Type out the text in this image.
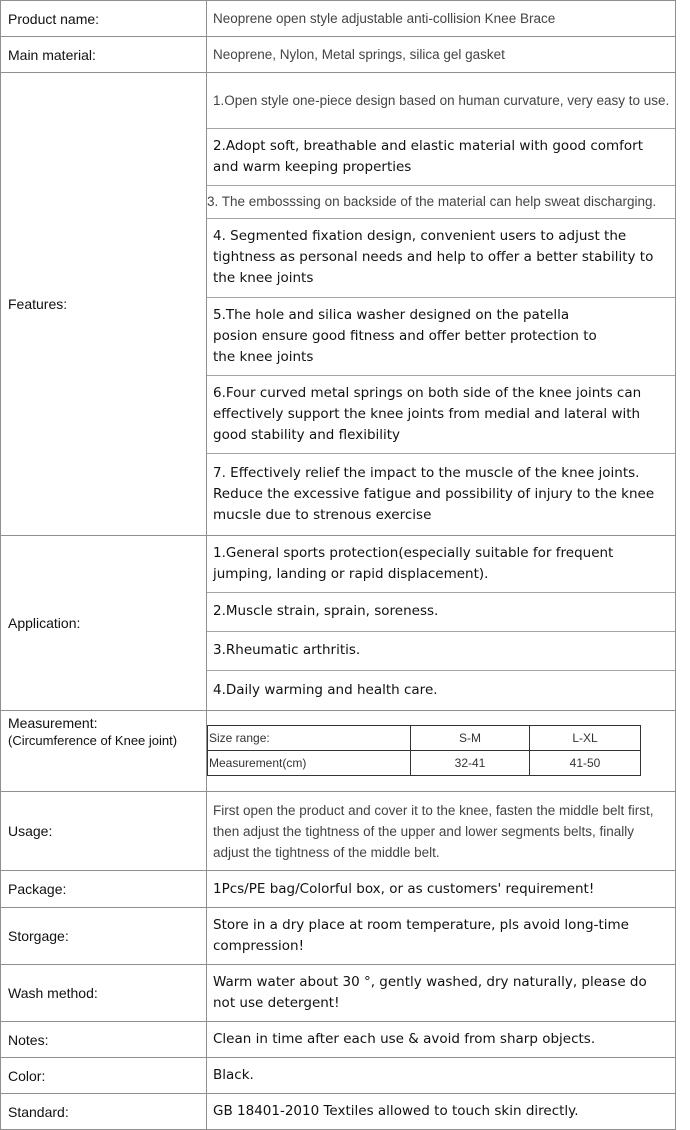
Product name:	Neoprene open style adjustable anti-collision Knee Brace
Main material:	Neoprene, Nylon, Metal springs, silica gel gasket
Features:	
1.Open style one-piece design based on human curvature, very easy to use.
2.Adopt soft, breathable and elastic material with good comfort and warm keeping properties
3. The embosssing on backside of the material can help sweat discharging.
4. Segmented fixation design, convenient users to adjust the tightness as personal needs and help to offer a better stability to the knee joints
5.The hole and silica washer designed on the patella
posion ensure good fitness and offer better protection to
the knee joints
6.Four curved metal springs on both side of the knee joints can effectively support the knee joints from medial and lateral with good stability and flexibility
7. Effectively relief the impact to the muscle of the knee joints. Reduce the excessive fatigue and possibility of injury to the knee mucsle due to strenous exercise

Application:	
1.General sports protection(especially suitable for frequent jumping, landing or rapid displacement).
2.Muscle strain, sprain, soreness.
3.Rheumatic arthritis.
4.Daily warming and health care.

Measurement:
(Circumference of Knee joint)
		Size range:	S-M	L-XL
Measurement(cm)	32-41	41-50

Usage:	First open the product and cover it to the knee, fasten the middle belt first, then adjust the tightness of the upper and lower segments belts, finally adjust the tightness of the middle belt.
Package:	1Pcs/PE bag/Colorful box, or as customers' requirement!
Storgage:	Store in a dry place at room temperature, pls avoid long-time compression!
Wash method:	Warm water about 30 °, gently washed, dry naturally, please do not use detergent!
Notes:	Clean in time after each use & avoid from sharp objects.
Color:	Black.
Standard:	GB 18401-2010 Textiles allowed to touch skin directly.
